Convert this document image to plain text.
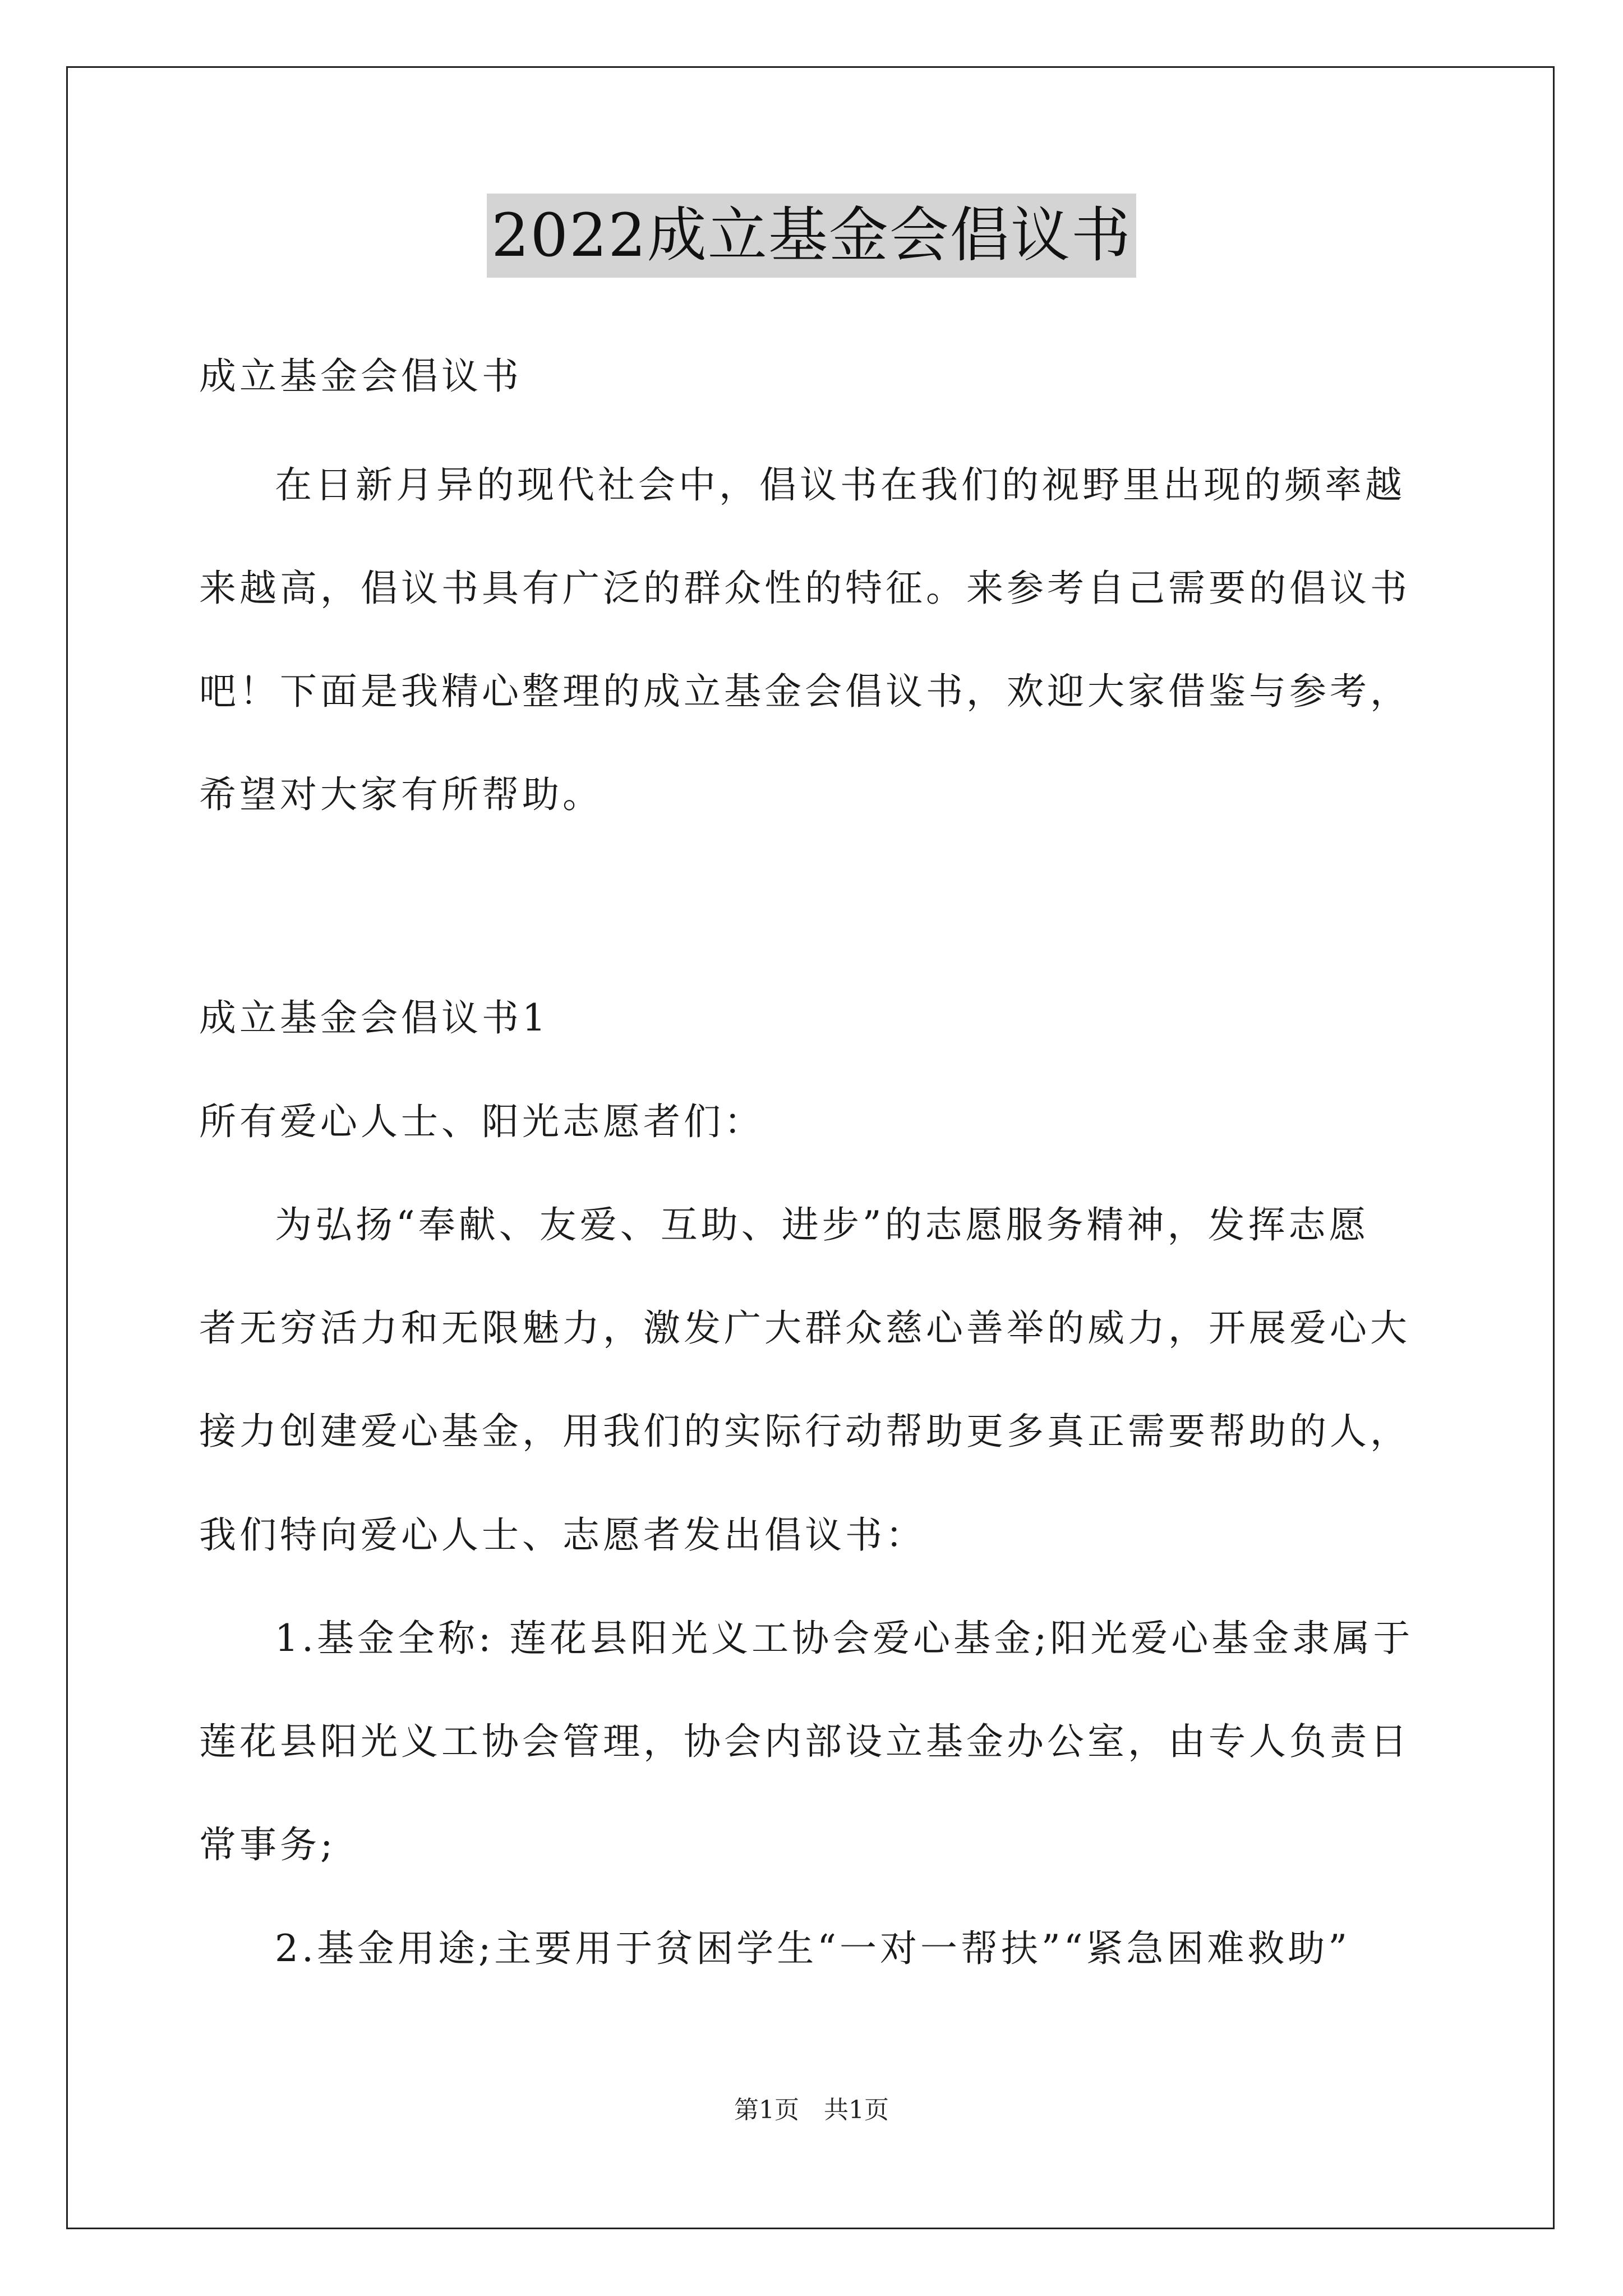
2022成立基金会倡议书
成立基金会倡议书
在日新月异的现代社会中，倡议书在我们的视野里出现的频率越
来越高，倡议书具有广泛的群众性的特征。来参考自己需要的倡议书
吧！下面是我精心整理的成立基金会倡议书，欢迎大家借鉴与参考，
希望对大家有所帮助。
成立基金会倡议书1
所有爱心人士、阳光志愿者们：
为弘扬“奉献、友爱、互助、进步”的志愿服务精神，发挥志愿
者无穷活力和无限魅力，激发广大群众慈心善举的威力，开展爱心大
接力创建爱心基金，用我们的实际行动帮助更多真正需要帮助的人，
我们特向爱心人士、志愿者发出倡议书：
1.基金全称: 莲花县阳光义工协会爱心基金;阳光爱心基金隶属于
莲花县阳光义工协会管理，协会内部设立基金办公室，由专人负责日
常事务;
2.基金用途;主要用于贫困学生“一对一帮扶”“紧急困难救助”
第1页　共1页
